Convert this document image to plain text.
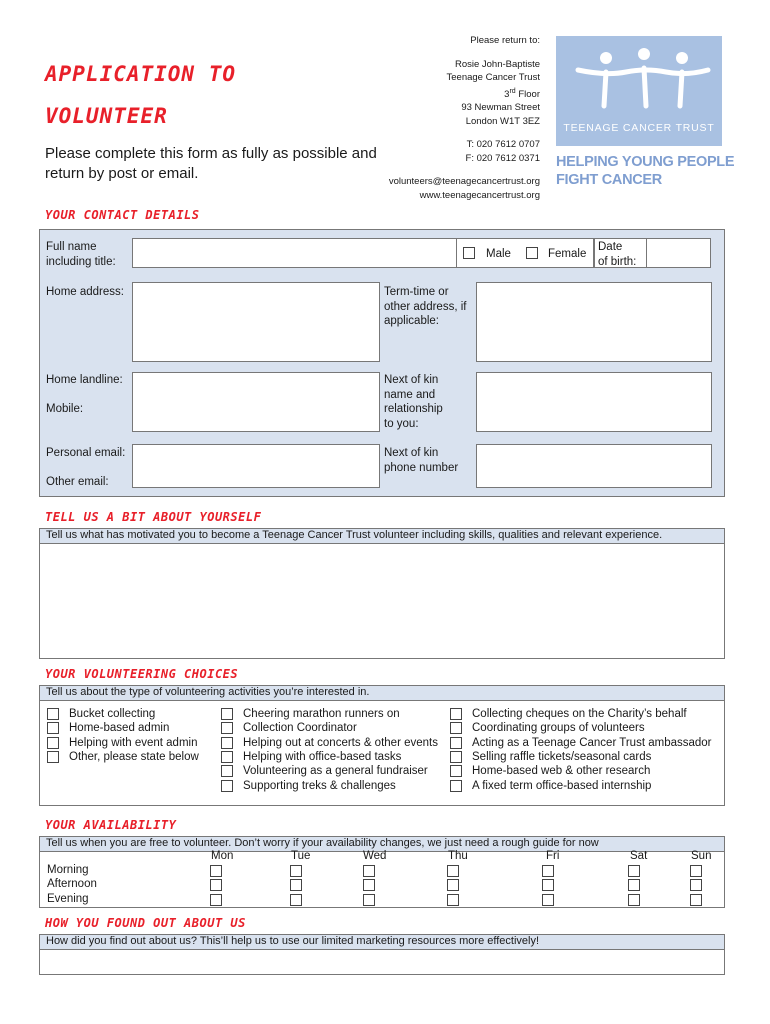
APPLICATION TO
VOLUNTEER
Please complete this form as fully as possible and
return by post or email.
Please return to:
Rosie John-Baptiste
Teenage Cancer Trust
3rd Floor
93 Newman Street
London W1T 3EZ
T: 020 7612 0707
F: 020 7612 0371
volunteers@teenagecancertrust.org
www.teenagecancertrust.org
TEENAGE CANCER TRUST
HELPING YOUNG PEOPLE
FIGHT CANCER
YOUR CONTACT DETAILS
Full name
including title:
Male	Female
Date
of birth:
Home address:	Term-time or
other address, if
applicable:
Home landline:
Mobile:
Next of kin
name and
relationship
to you:
Personal email:
Other email:
Next of kin
phone number
TELL US A BIT ABOUT YOURSELF
Tell us what has motivated you to become a Teenage Cancer Trust volunteer including skills, qualities and relevant experience.
YOUR VOLUNTEERING CHOICES
Tell us about the type of volunteering activities you’re interested in.
Bucket collecting
Home-based admin
Helping with event admin
Other, please state below
Cheering marathon runners on
Collection Coordinator
Helping out at concerts & other events
Helping with office-based tasks
Volunteering as a general fundraiser
Supporting treks & challenges
Collecting cheques on the Charity’s behalf
Coordinating groups of volunteers
Acting as a Teenage Cancer Trust ambassador
Selling raffle tickets/seasonal cards
Home-based web & other research
A fixed term office-based internship
YOUR AVAILABILITY
Tell us when you are free to volunteer. Don’t worry if your availability changes, we just need a rough guide for now
Mon	Tue	Wed	Thu	Fri	Sat	Sun
Morning
Afternoon
Evening
HOW YOU FOUND OUT ABOUT US
How did you find out about us? This’ll help us to use our limited marketing resources more effectively!
